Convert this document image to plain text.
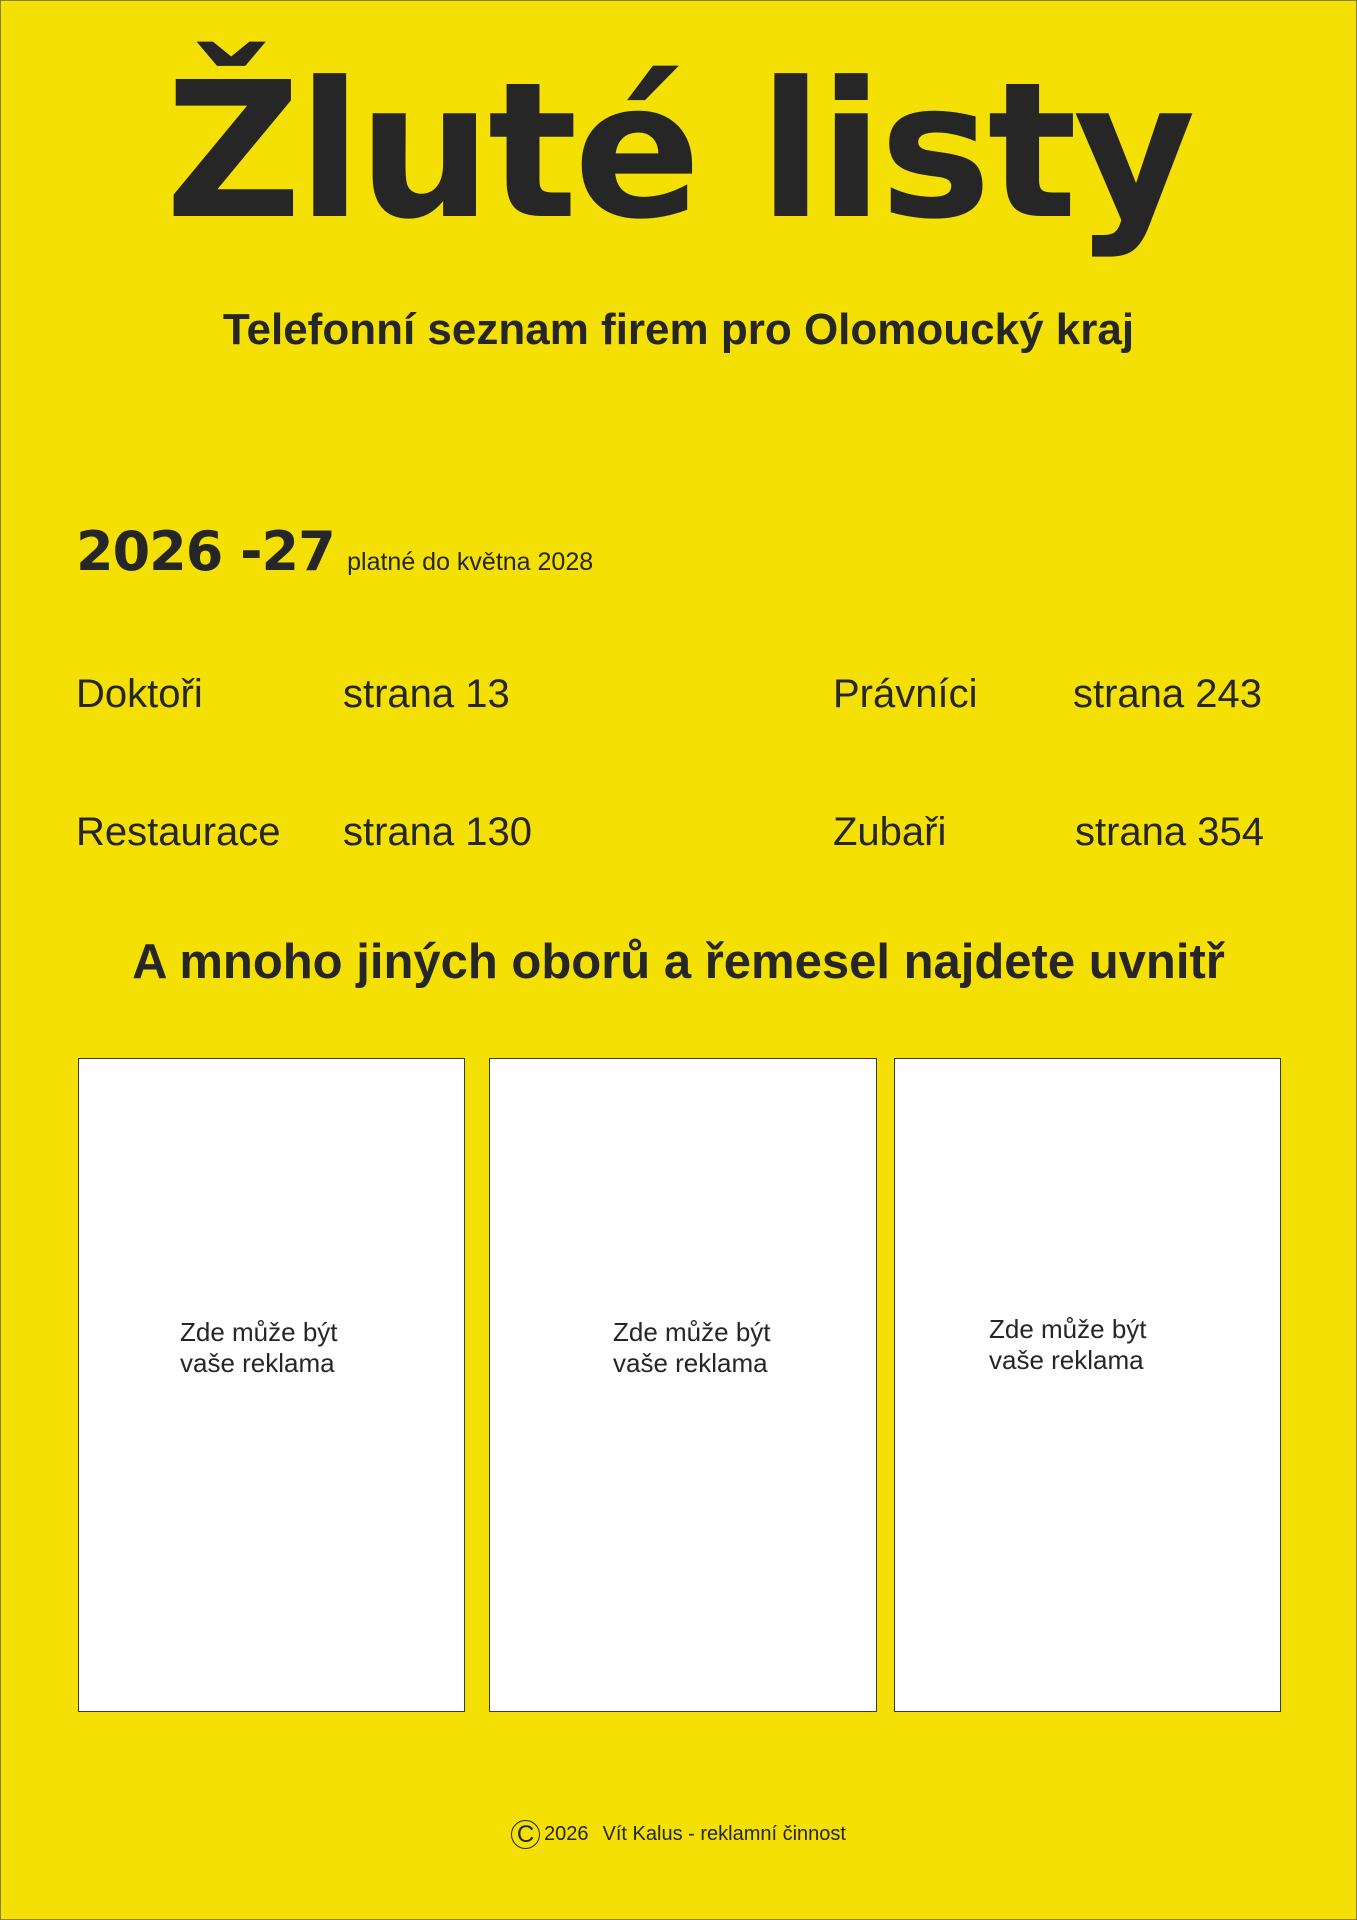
Žluté listy
Telefonní seznam firem pro Olomoucký kraj
2026 -27 platné do května 2028
Doktoři	strana 13	Právníci strana 243
Restaurace strana 130	Zubaři	strana 354
A mnoho jiných oborů a řemesel najdete uvnitř
Zde může být
vaše reklama
Zde může být
vaše reklama
Zde může být
vaše reklama
C 2026 Vít Kalus - reklamní činnost
